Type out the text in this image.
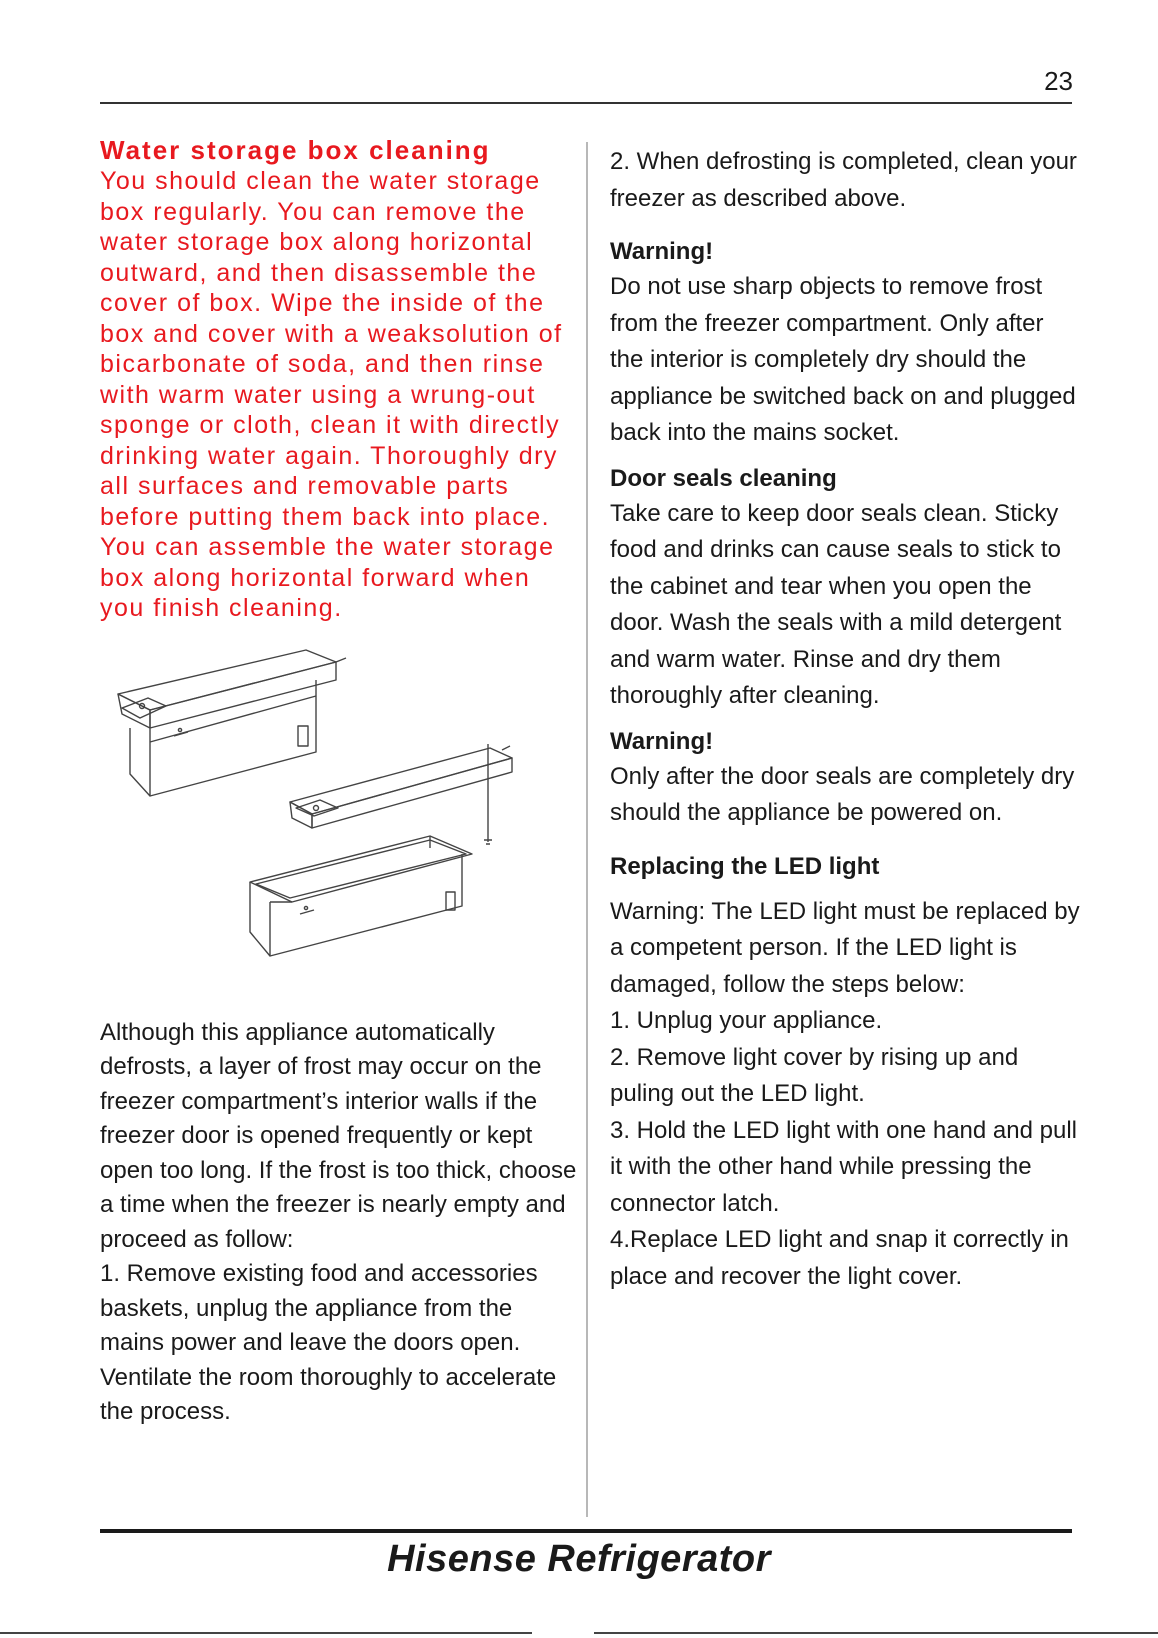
23
Water storage box cleaning

You should clean the water storage box regularly. You can remove the water storage box along horizontal outward, and then disassemble the cover of box. Wipe the inside of the box and cover with a weaksolution of bicarbonate of soda, and then rinse with warm water using a wrung-out sponge or cloth, clean it with directly drinking water again. Thoroughly dry all surfaces and removable parts before putting them back into place. You can assemble the water storage box along horizontal forward when you finish cleaning.

Although this appliance automatically defrosts, a layer of frost may occur on the freezer compartment’s interior walls if the freezer door is opened frequently or kept open too long. If the frost is too thick, choose a time when the freezer is nearly empty and proceed as follow:

1. Remove existing food and accessories baskets, unplug the appliance from the mains power and leave the doors open. Ventilate the room thoroughly to accelerate the process.

2. When defrosting is completed, clean your freezer as described above.

Warning!

Do not use sharp objects to remove frost from the freezer compartment. Only after the interior is completely dry should the appliance be switched back on and plugged back into the mains socket.

Door seals cleaning

Take care to keep door seals clean. Sticky food and drinks can cause seals to stick to the cabinet and tear when you open the door. Wash the seals with a mild detergent and warm water. Rinse and dry them thoroughly after cleaning.

Warning!

Only after the door seals are completely dry should the appliance be powered on.

Replacing the LED light

Warning: The LED light must be replaced by a competent person. If the LED light is damaged, follow the steps below:

1. Unplug your appliance.

2. Remove light cover by rising up and puling out the LED light.

3. Hold the LED light with one hand and pull it with the other hand while pressing the connector latch.

4.Replace LED light and snap it correctly in place and recover the light cover.

Hisense Refrigerator
